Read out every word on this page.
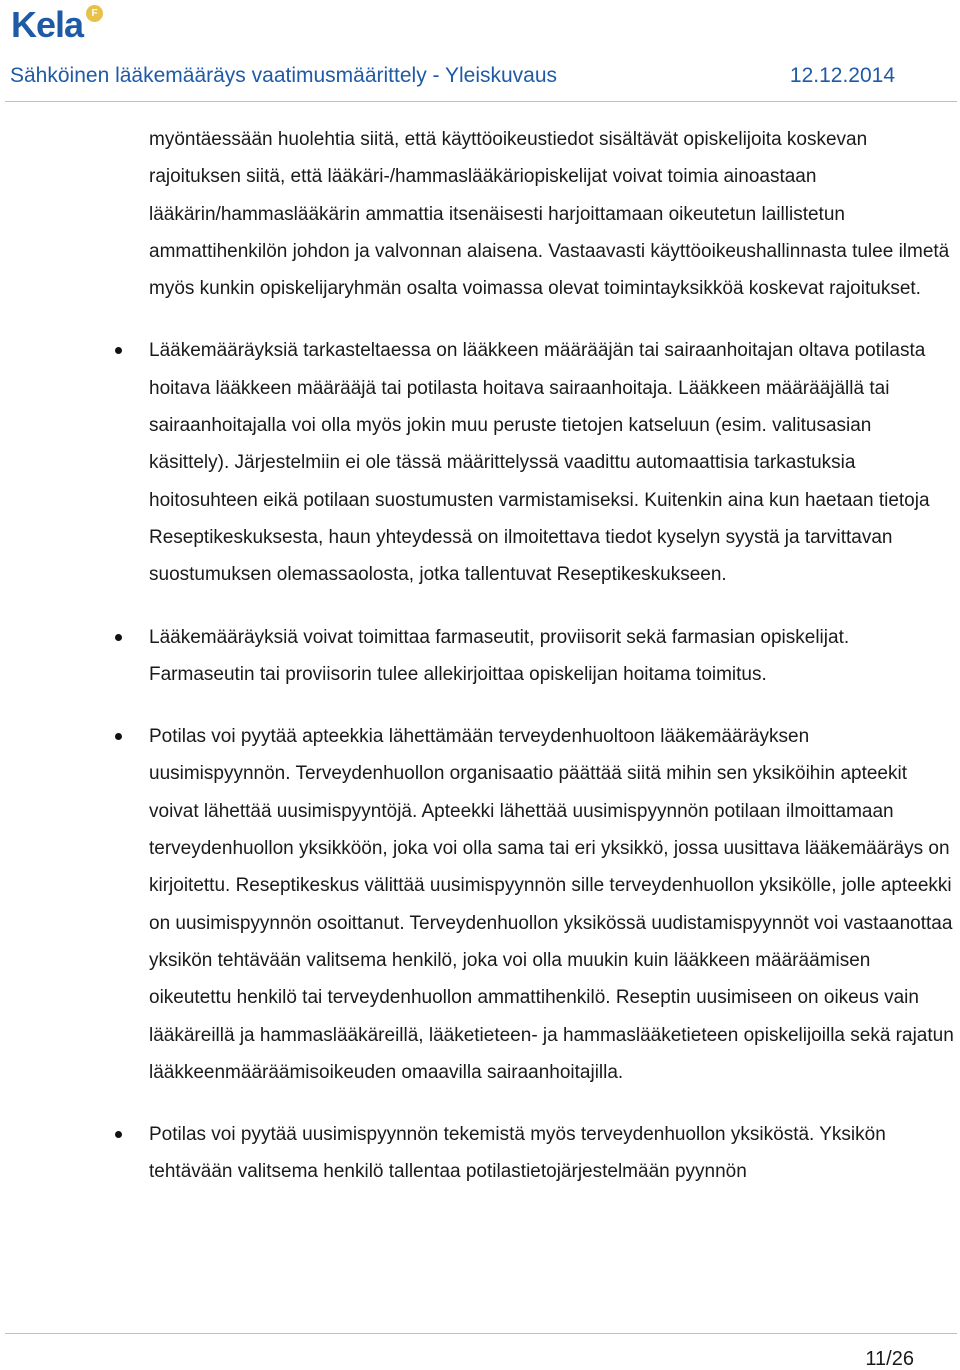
Kela F
Sähköinen lääkemääräys vaatimusmäärittely - Yleiskuvaus	12.12.2014

myöntäessään huolehtia siitä, että käyttöoikeustiedot sisältävät opiskelijoita koskevan rajoituksen siitä, että lääkäri-/hammaslääkäriopiskelijat voivat toimia ainoastaan lääkärin/hammaslääkärin ammattia itsenäisesti harjoittamaan oikeutetun laillistetun ammattihenkilön johdon ja valvonnan alaisena. Vastaavasti käyttöoikeushallinnasta tulee ilmetä myös kunkin opiskelijaryhmän osalta voimassa olevat toimintayksikköä koskevat rajoitukset.

Lääkemääräyksiä tarkasteltaessa on lääkkeen määrääjän tai sairaanhoitajan oltava potilasta hoitava lääkkeen määrääjä tai potilasta hoitava sairaanhoitaja. Lääkkeen määrääjällä tai sairaanhoitajalla voi olla myös jokin muu peruste tietojen katseluun (esim. valitusasian käsittely). Järjestelmiin ei ole tässä määrittelyssä vaadittu automaattisia tarkastuksia hoitosuhteen eikä potilaan suostumusten varmistamiseksi. Kuitenkin aina kun haetaan tietoja Reseptikeskuksesta, haun yhteydessä on ilmoitettava tiedot kyselyn syystä ja tarvittavan suostumuksen olemassaolosta, jotka tallentuvat Reseptikeskukseen.

Lääkemääräyksiä voivat toimittaa farmaseutit, proviisorit sekä farmasian opiskelijat. Farmaseutin tai proviisorin tulee allekirjoittaa opiskelijan hoitama toimitus.

Potilas voi pyytää apteekkia lähettämään terveydenhuoltoon lääkemääräyksen uusimispyynnön. Terveydenhuollon organisaatio päättää siitä mihin sen yksiköihin apteekit voivat lähettää uusimispyyntöjä. Apteekki lähettää uusimispyynnön potilaan ilmoittamaan terveydenhuollon yksikköön, joka voi olla sama tai eri yksikkö, jossa uusittava lääkemääräys on kirjoitettu. Reseptikeskus välittää uusimispyynnön sille terveydenhuollon yksikölle, jolle apteekki on uusimispyynnön osoittanut. Terveydenhuollon yksikössä uudistamispyynnöt voi vastaanottaa yksikön tehtävään valitsema henkilö, joka voi olla muukin kuin lääkkeen määräämisen oikeutettu henkilö tai terveydenhuollon ammattihenkilö. Reseptin uusimiseen on oikeus vain lääkäreillä ja hammaslääkäreillä, lääketieteen- ja hammaslääketieteen opiskelijoilla sekä rajatun lääkkeenmääräämisoikeuden omaavilla sairaanhoitajilla.

Potilas voi pyytää uusimispyynnön tekemistä myös terveydenhuollon yksiköstä. Yksikön tehtävään valitsema henkilö tallentaa potilastietojärjestelmään pyynnön

11/26
